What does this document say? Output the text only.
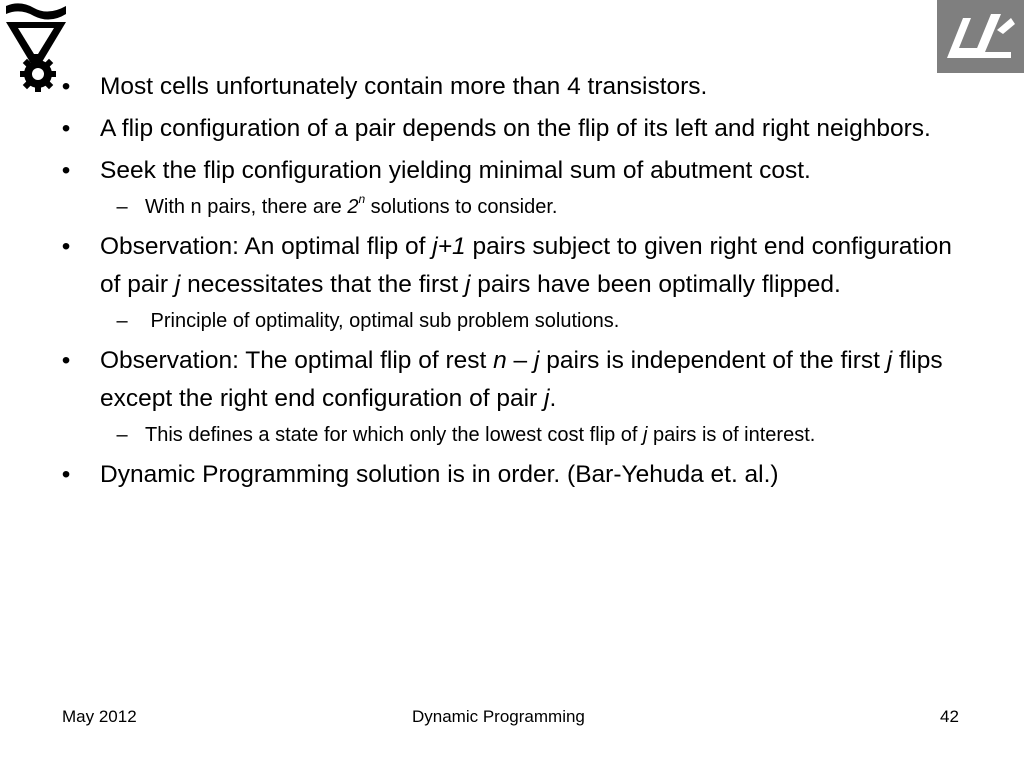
• Most cells unfortunately contain more than 4 transistors.
• A flip configuration of a pair depends on the flip of its left and right neighbors.
• Seek the flip configuration yielding minimal sum of abutment cost.
– With n pairs, there are 2$^n$ solutions to consider.
• Observation: An optimal flip of j+1 pairs subject to given right end configuration of pair j necessitates that the first j pairs have been optimally flipped.
– Principle of optimality, optimal sub problem solutions.
• Observation: The optimal flip of rest n – j pairs is independent of the first j flips except the right end configuration of pair j.
– This defines a state for which only the lowest cost flip of j pairs is of interest.
• Dynamic Programming solution is in order. (Bar-Yehuda et. al.)
May 2012	Dynamic Programming	42
